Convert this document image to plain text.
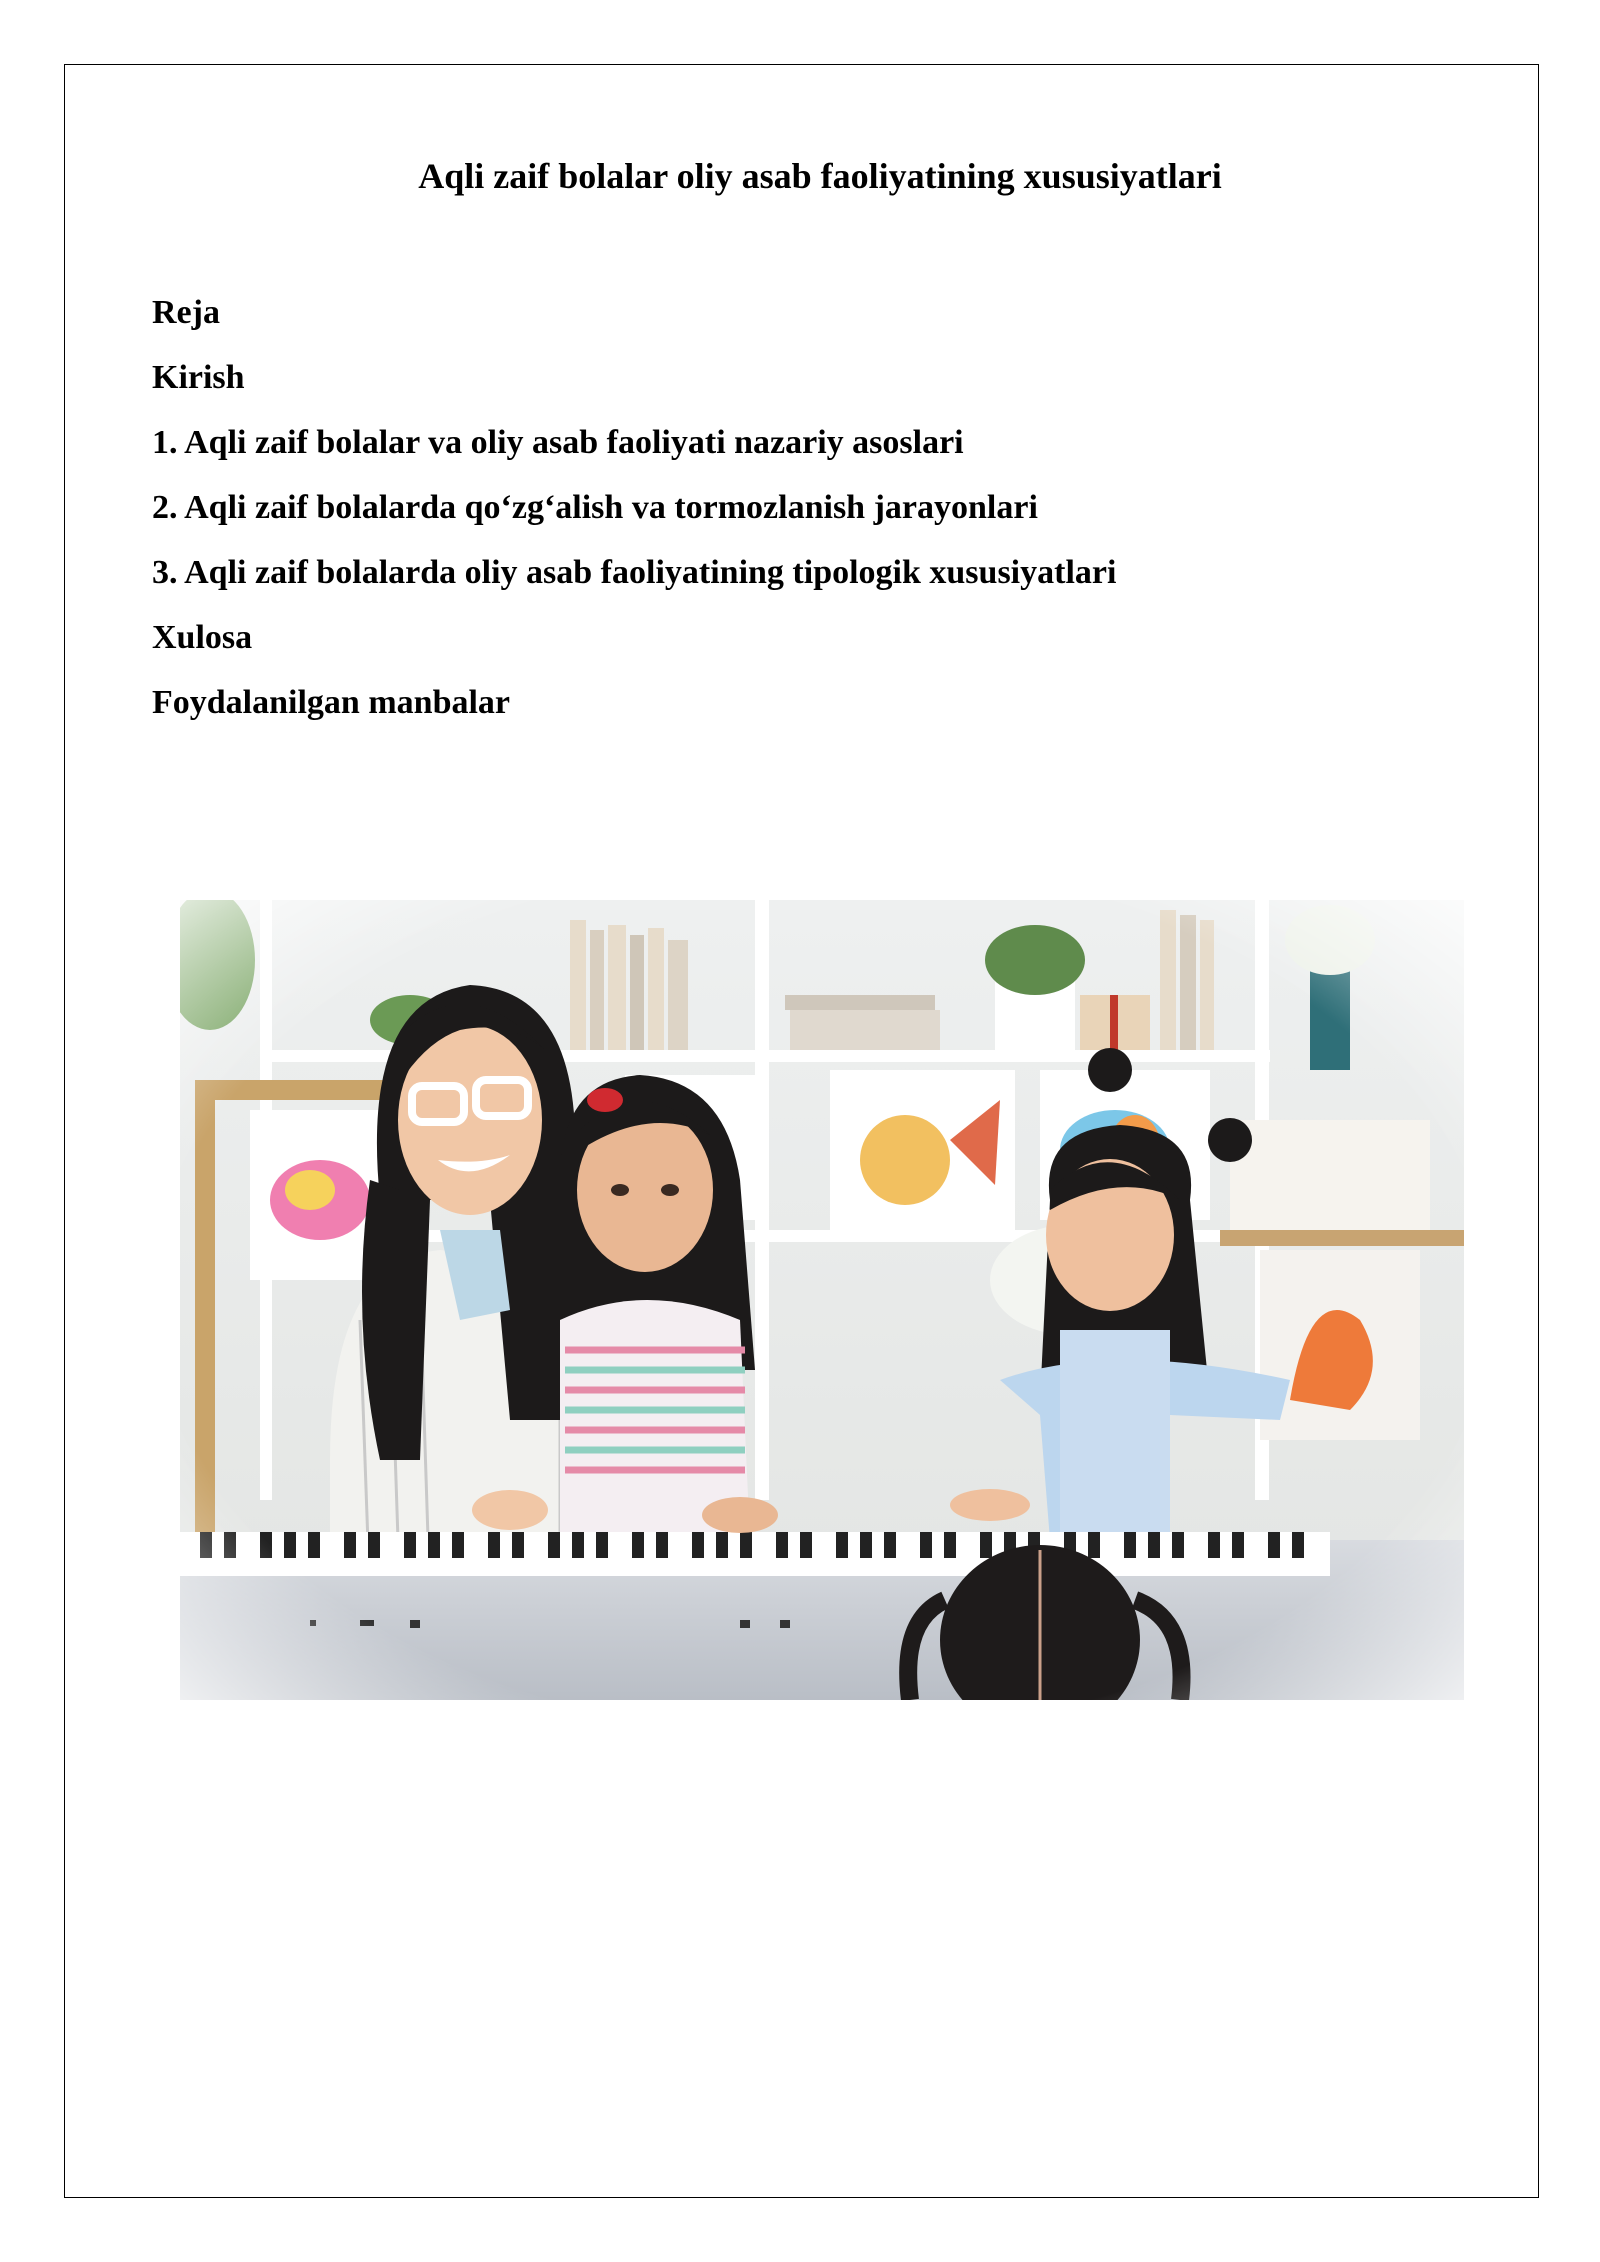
Aqli zaif bolalar oliy asab faoliyatining xususiyatlari
Reja
Kirish
1. Aqli zaif bolalar va oliy asab faoliyati nazariy asoslari
2. Aqli zaif bolalarda qo‘zg‘alish va tormozlanish jarayonlari
3. Aqli zaif bolalarda oliy asab faoliyatining tipologik xususiyatlari
Xulosa
Foydalanilgan manbalar
